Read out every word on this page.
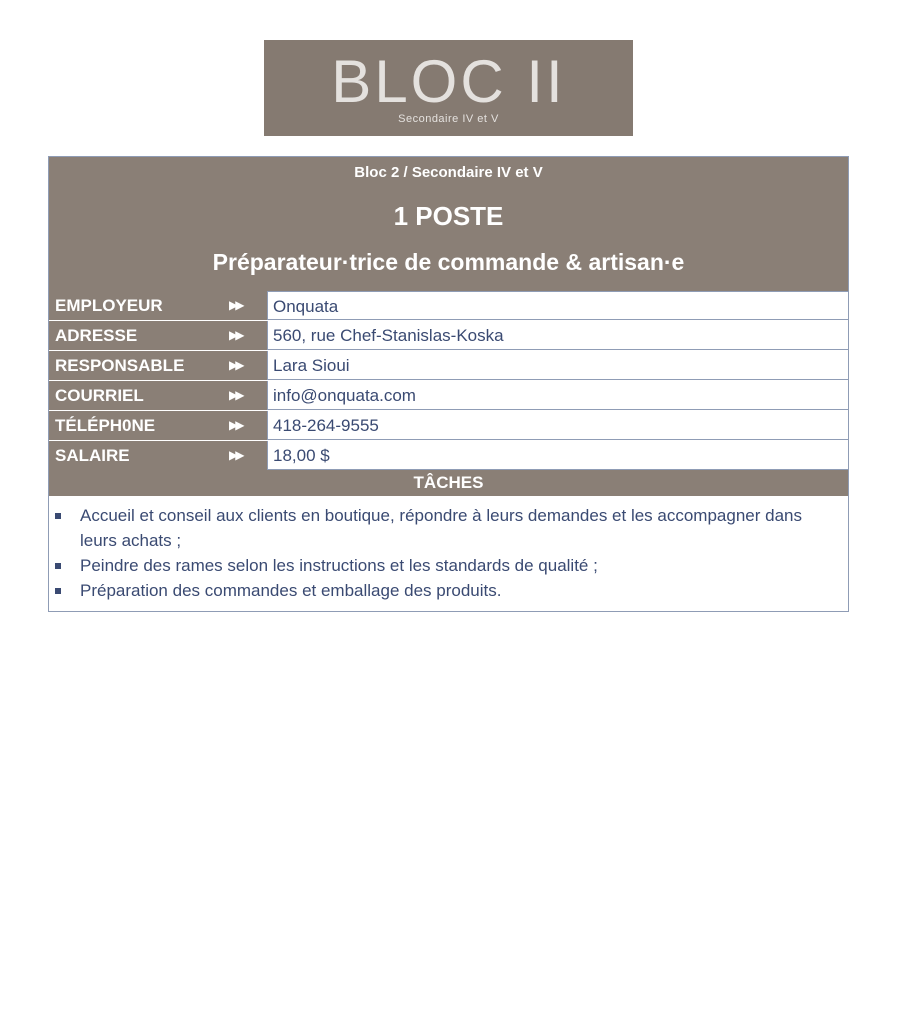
BLOC II
Secondaire IV et V
Bloc 2 / Secondaire IV et V
1 POSTE
Préparateur·trice de commande & artisan·e
EMPLOYEUR	▶▶	Onquata
ADRESSE	▶▶	560, rue Chef-Stanislas-Koska
RESPONSABLE	▶▶	Lara Sioui
COURRIEL	▶▶	info@onquata.com
TÉLÉPH0NE	▶▶	418-264-9555
SALAIRE	▶▶	18,00 $
TÂCHES
Accueil et conseil aux clients en boutique, répondre à leurs demandes et les accompagner dans leurs achats ;
Peindre des rames selon les instructions et les standards de qualité ;
Préparation des commandes et emballage des produits.
